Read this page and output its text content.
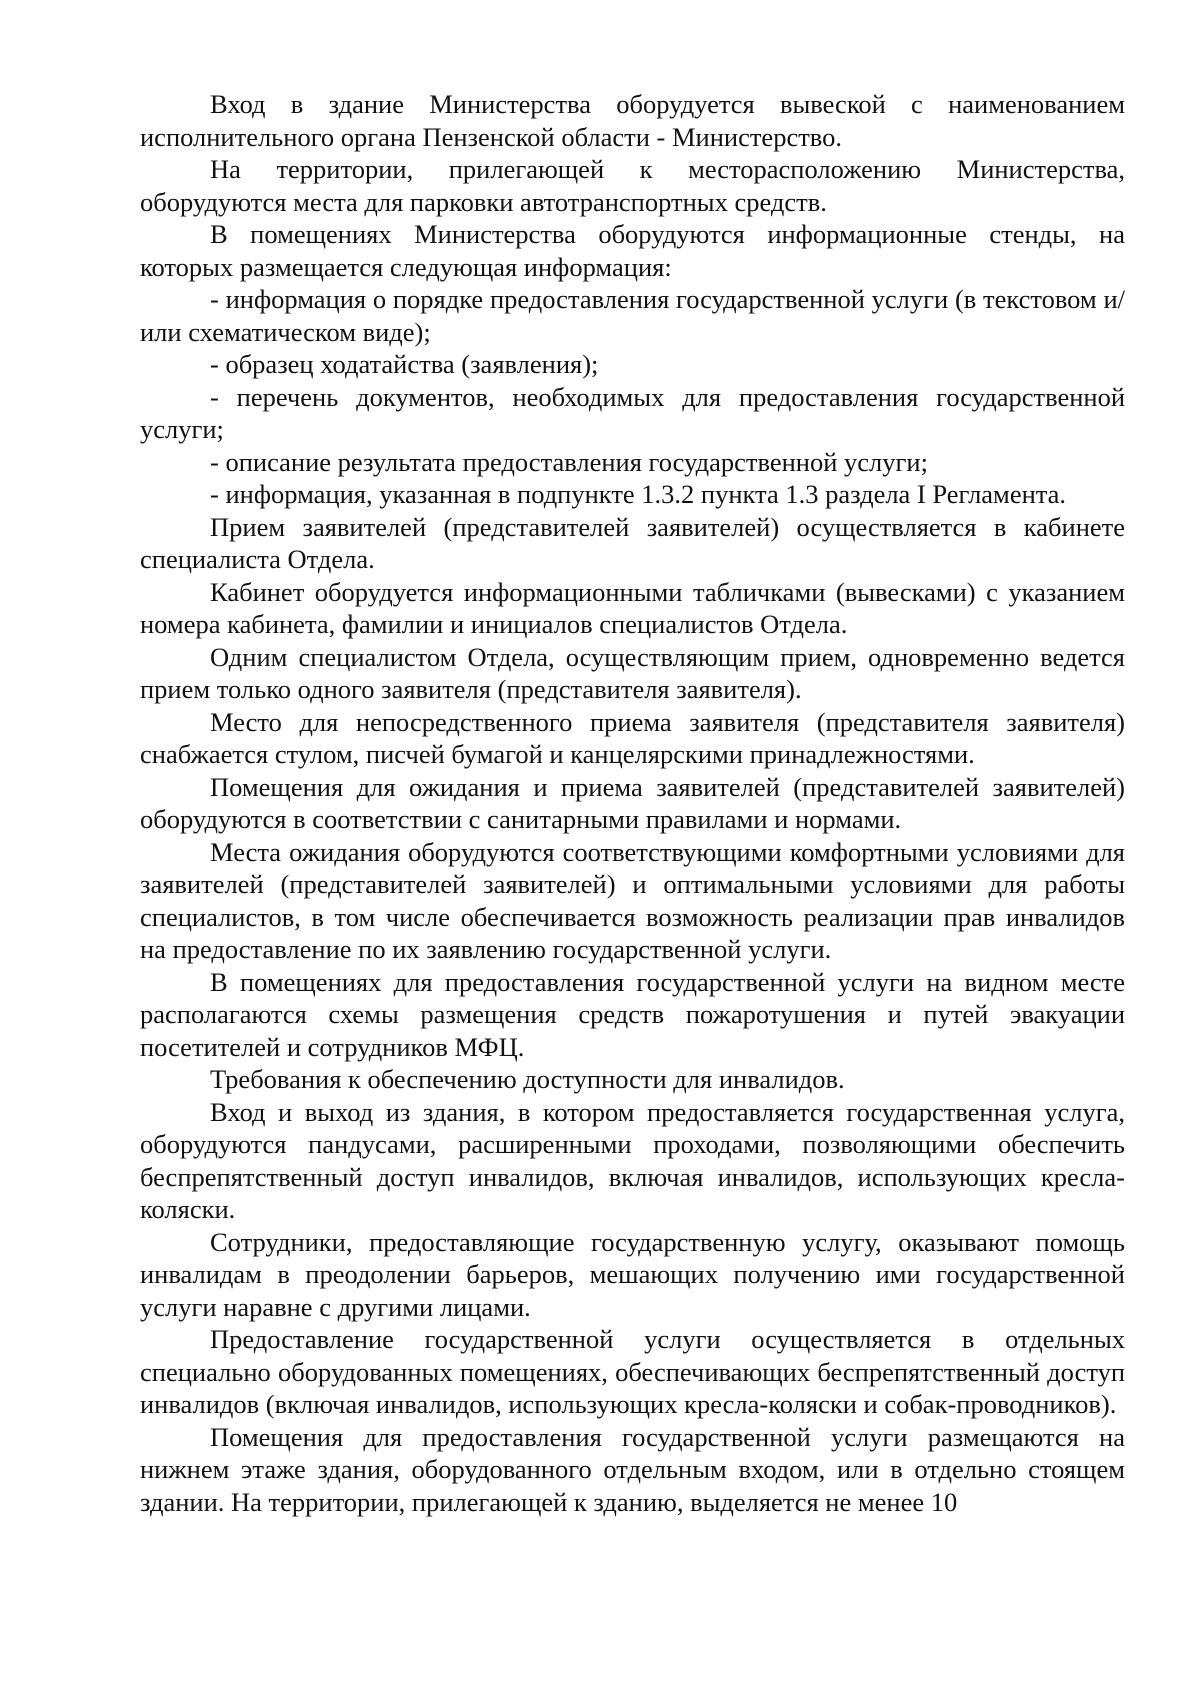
Вход в здание Министерства оборудуется вывеской с наименованием исполнительного органа Пензенской области - Министерство.

На территории, прилегающей к месторасположению Министерства, оборудуются места для парковки автотранспортных средств.

В помещениях Министерства оборудуются информационные стенды, на которых размещается следующая информация:

- информация о порядке предоставления государственной услуги (в текстовом и/или схематическом виде);

- образец ходатайства (заявления);

- перечень документов, необходимых для предоставления государственной услуги;

- описание результата предоставления государственной услуги;

- информация, указанная в подпункте 1.3.2 пункта 1.3 раздела I Регламента.

Прием заявителей (представителей заявителей) осуществляется в кабинете специалиста Отдела.

Кабинет оборудуется информационными табличками (вывесками) с указанием номера кабинета, фамилии и инициалов специалистов Отдела.

Одним специалистом Отдела, осуществляющим прием, одновременно ведется прием только одного заявителя (представителя заявителя).

Место для непосредственного приема заявителя (представителя заявителя) снабжается стулом, писчей бумагой и канцелярскими принадлежностями.

Помещения для ожидания и приема заявителей (представителей заявителей) оборудуются в соответствии с санитарными правилами и нормами.

Места ожидания оборудуются соответствующими комфортными условиями для заявителей (представителей заявителей) и оптимальными условиями для работы специалистов, в том числе обеспечивается возможность реализации прав инвалидов на предоставление по их заявлению государственной услуги.

В помещениях для предоставления государственной услуги на видном месте располагаются схемы размещения средств пожаротушения и путей эвакуации посетителей и сотрудников МФЦ.

Требования к обеспечению доступности для инвалидов.

Вход и выход из здания, в котором предоставляется государственная услуга, оборудуются пандусами, расширенными проходами, позволяющими обеспечить беспрепятственный доступ инвалидов, включая инвалидов, использующих кресла-коляски.

Сотрудники, предоставляющие государственную услугу, оказывают помощь инвалидам в преодолении барьеров, мешающих получению ими государственной услуги наравне с другими лицами.

Предоставление государственной услуги осуществляется в отдельных специально оборудованных помещениях, обеспечивающих беспрепятственный доступ инвалидов (включая инвалидов, использующих кресла-коляски и собак-проводников).

Помещения для предоставления государственной услуги размещаются на нижнем этаже здания, оборудованного отдельным входом, или в отдельно стоящем здании. На территории, прилегающей к зданию, выделяется не менее 10
